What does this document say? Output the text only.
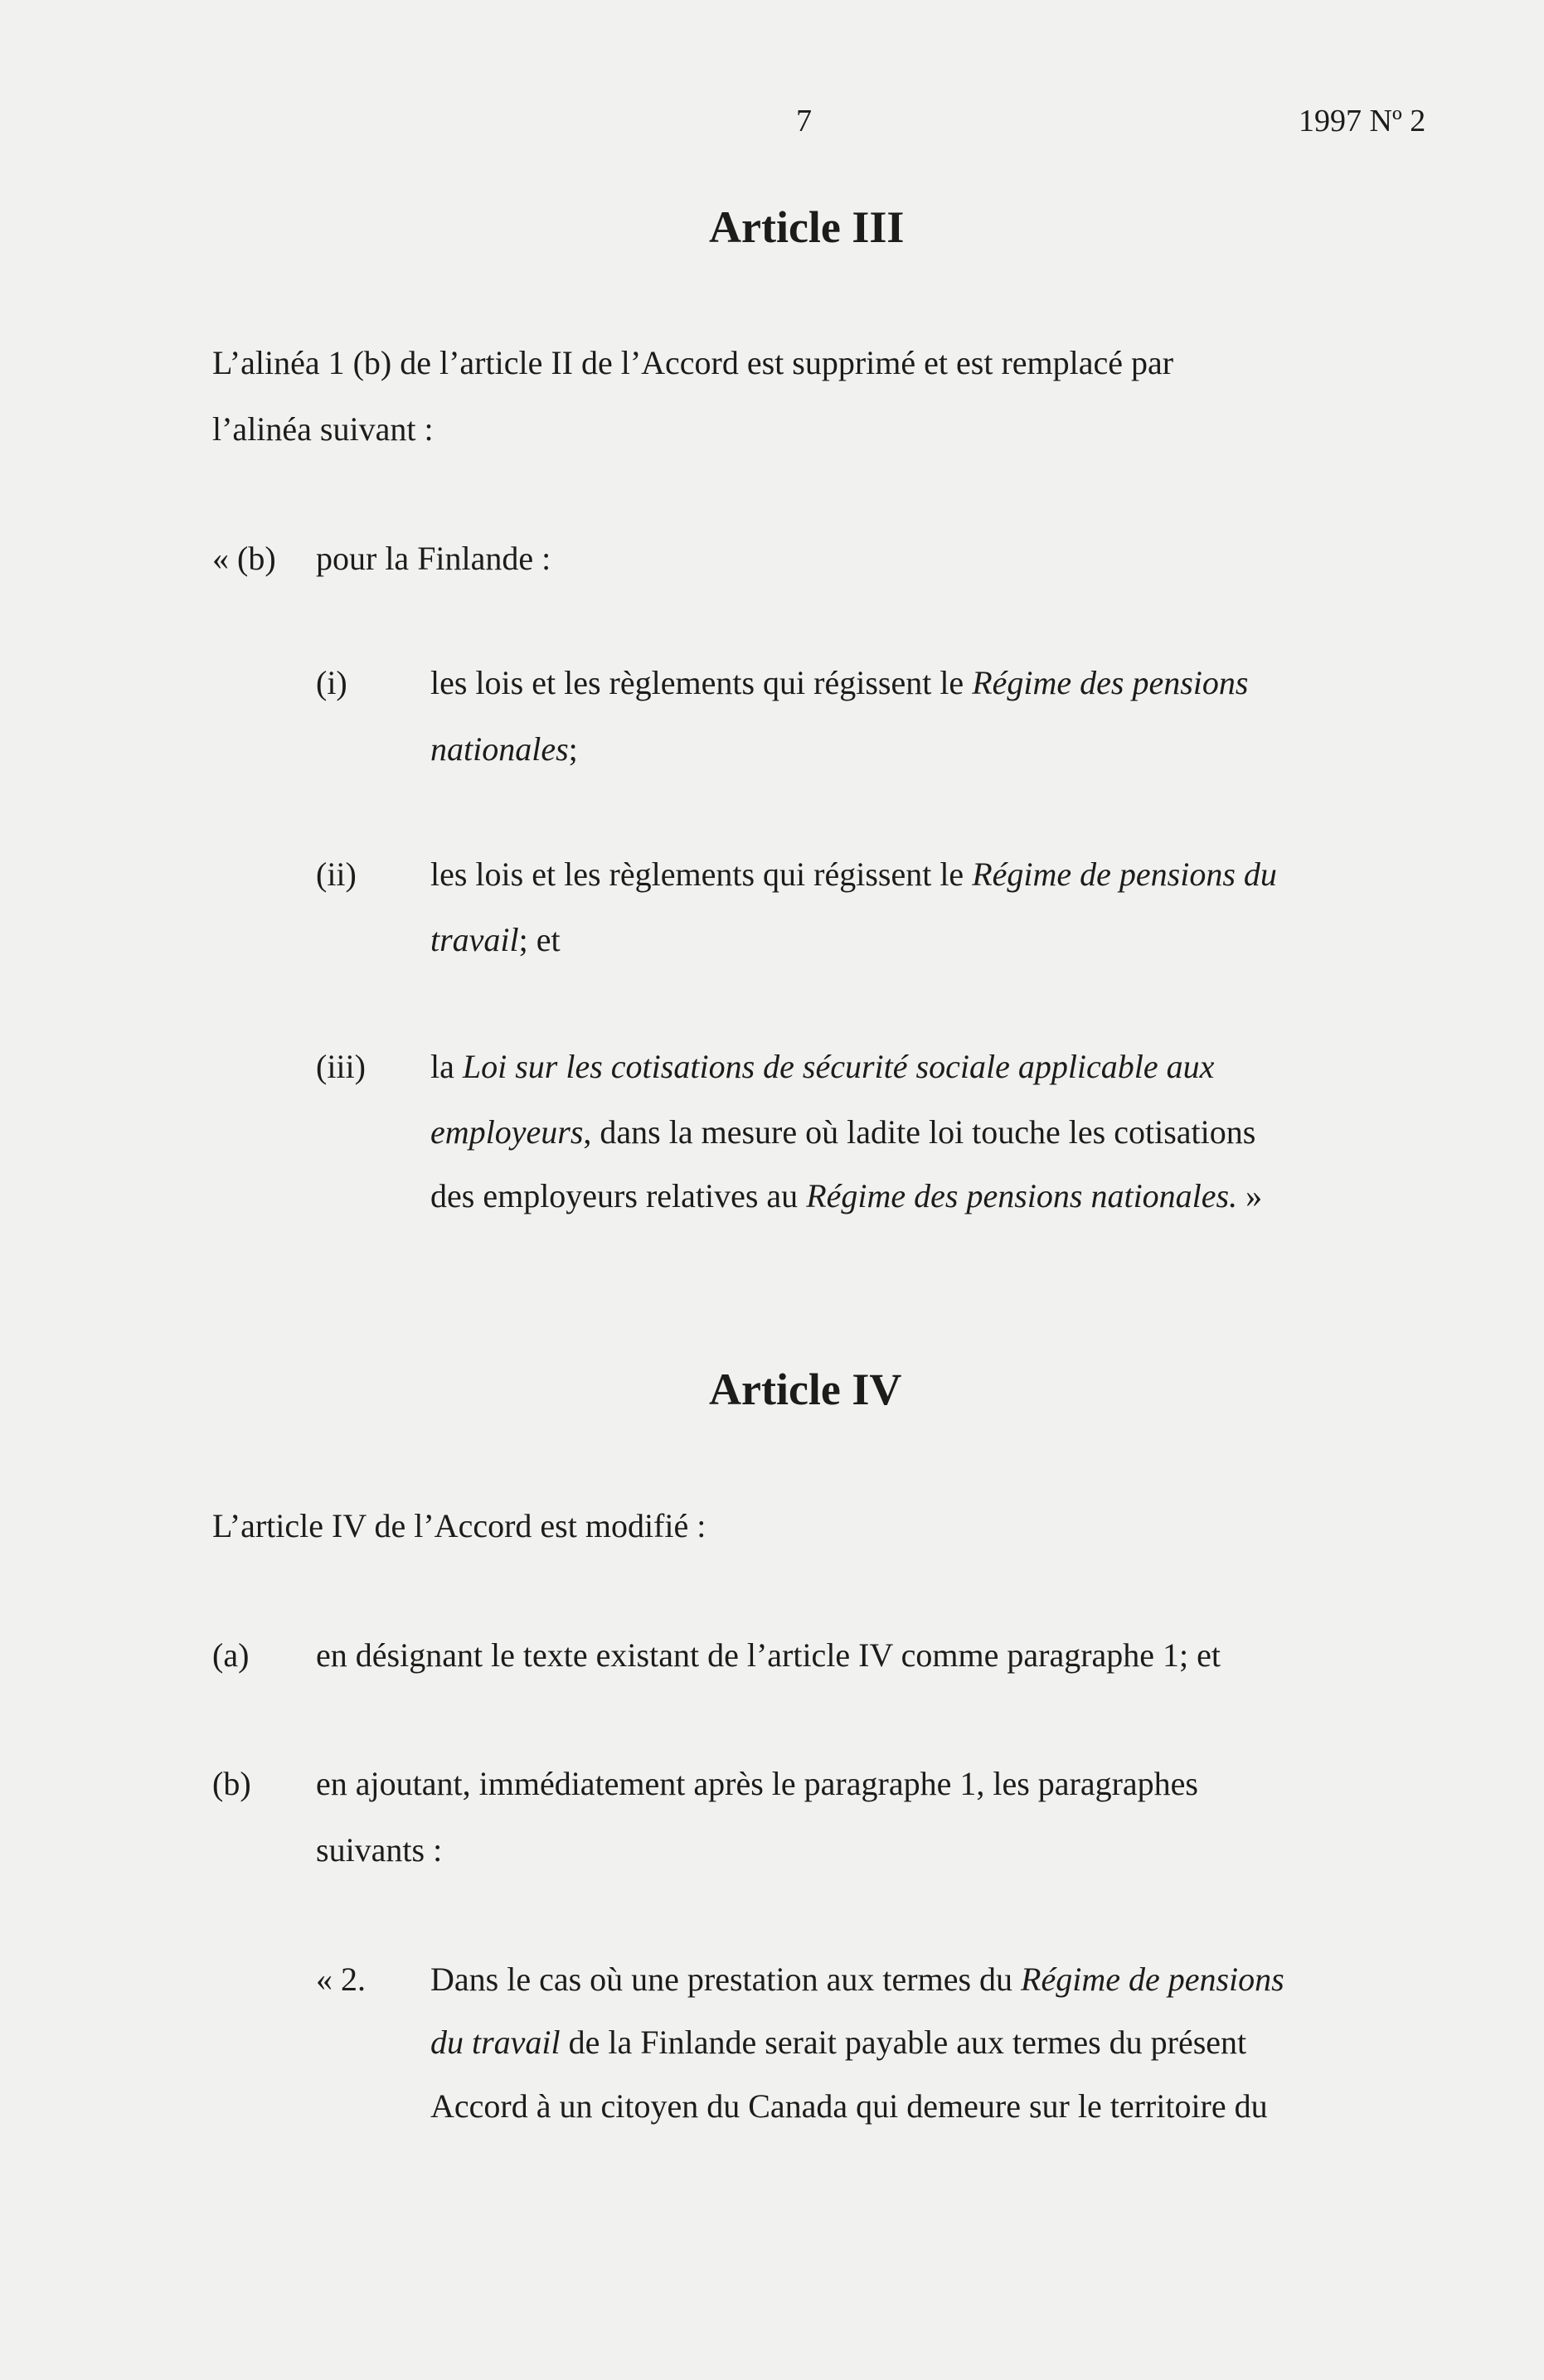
7	1997 Nº 2
Article III
L’alinéa 1 (b) de l’article II de l’Accord est supprimé et est remplacé par
l’alinéa suivant :
« (b) pour la Finlande :
(i)	les lois et les règlements qui régissent le Régime des pensions
nationales;
(ii) les lois et les règlements qui régissent le Régime de pensions du
travail; et
(iii) la Loi sur les cotisations de sécurité sociale applicable aux
employeurs, dans la mesure où ladite loi touche les cotisations
des employeurs relatives au Régime des pensions nationales. »
Article IV
L’article IV de l’Accord est modifié :
(a) en désignant le texte existant de l’article IV comme paragraphe 1; et
(b) en ajoutant, immédiatement après le paragraphe 1, les paragraphes
suivants :
« 2. Dans le cas où une prestation aux termes du Régime de pensions
du travail de la Finlande serait payable aux termes du présent
Accord à un citoyen du Canada qui demeure sur le territoire du
